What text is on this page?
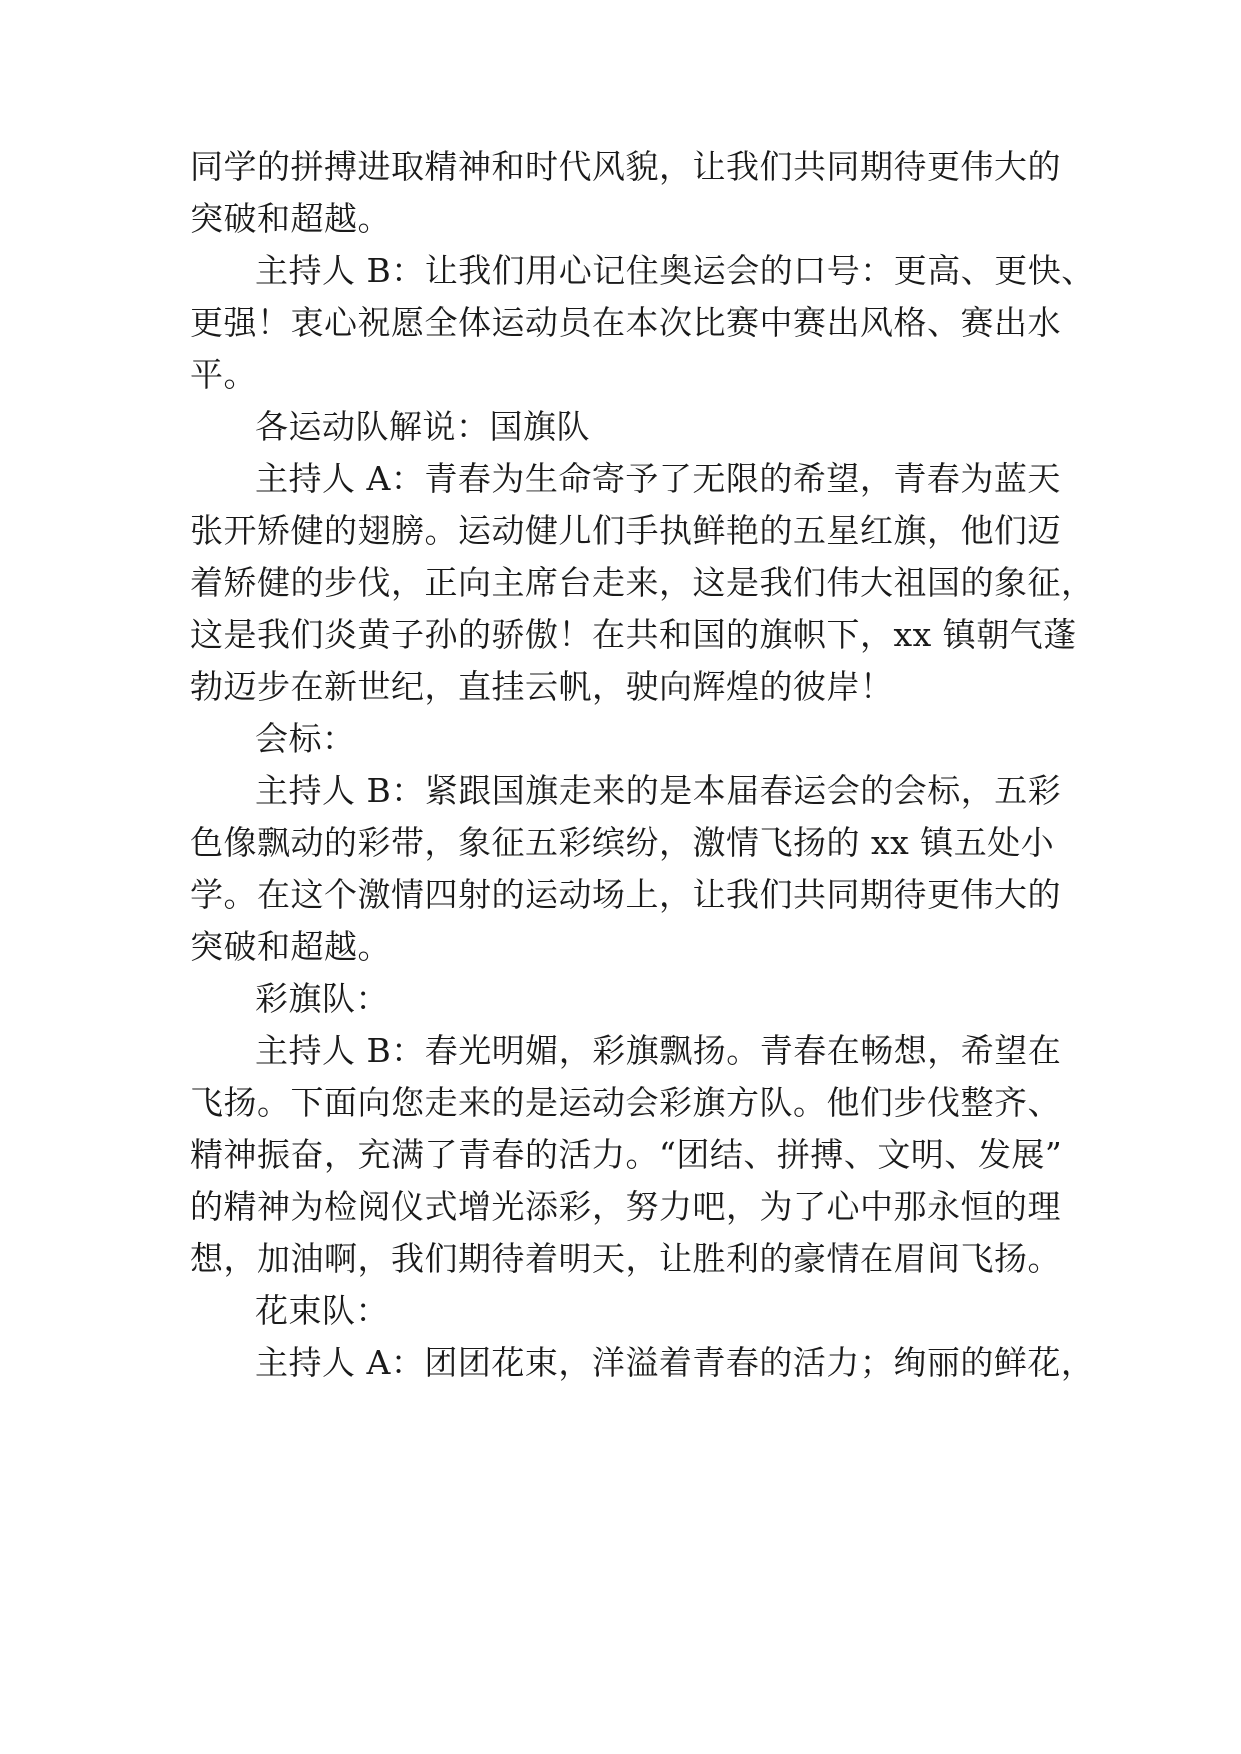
同学的拼搏进取精神和时代风貌，让我们共同期待更伟大的
突破和超越。
主持人 B：让我们用心记住奥运会的口号：更高、更快、
更强！衷心祝愿全体运动员在本次比赛中赛出风格、赛出水
平。
各运动队解说：国旗队
主持人 A：青春为生命寄予了无限的希望，青春为蓝天
张开矫健的翅膀。运动健儿们手执鲜艳的五星红旗，他们迈
着矫健的步伐，正向主席台走来，这是我们伟大祖国的象征，
这是我们炎黄子孙的骄傲！在共和国的旗帜下，xx 镇朝气蓬
勃迈步在新世纪，直挂云帆，驶向辉煌的彼岸！
会标：
主持人 B：紧跟国旗走来的是本届春运会的会标，五彩
色像飘动的彩带，象征五彩缤纷，激情飞扬的 xx 镇五处小
学。在这个激情四射的运动场上，让我们共同期待更伟大的
突破和超越。
彩旗队：
主持人 B：春光明媚，彩旗飘扬。青春在畅想，希望在
飞扬。下面向您走来的是运动会彩旗方队。他们步伐整齐、
精神振奋，充满了青春的活力。“团结、拼搏、文明、发展”
的精神为检阅仪式增光添彩，努力吧，为了心中那永恒的理
想，加油啊，我们期待着明天，让胜利的豪情在眉间飞扬。
花束队：
主持人 A：团团花束，洋溢着青春的活力；绚丽的鲜花，
